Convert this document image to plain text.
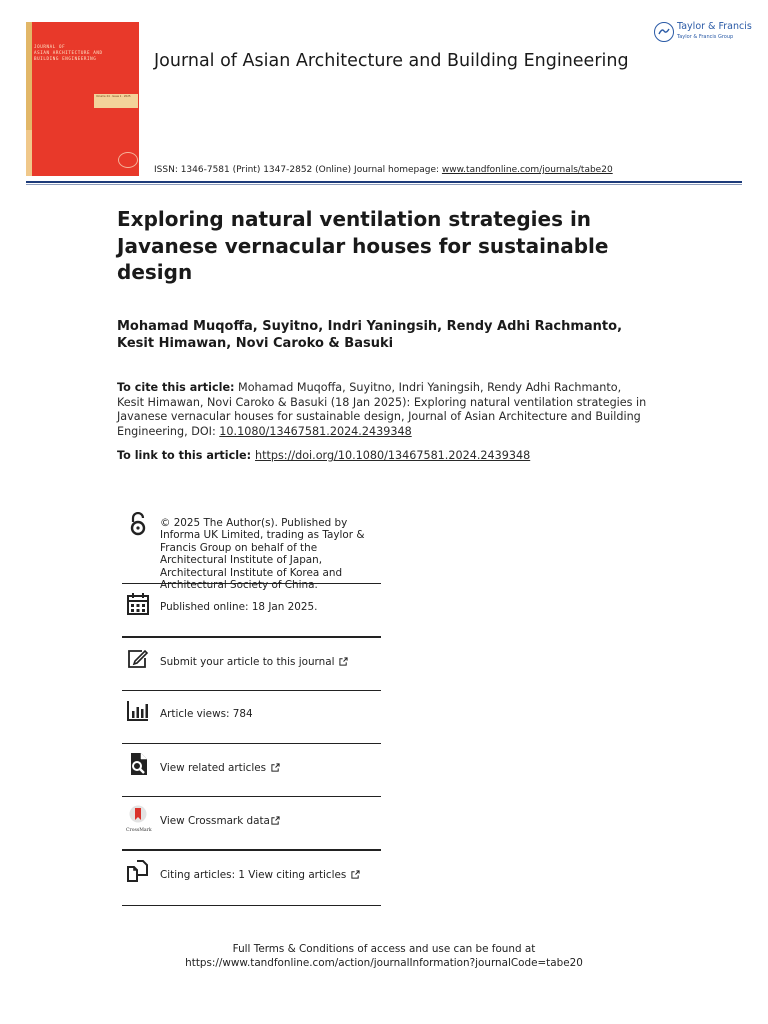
JOURNAL OF
ASIAN ARCHITECTURE AND
BUILDING ENGINEERING
Volume 24 · Issue 1 · 2025
Journal of Asian Architecture and Building Engineering
Taylor & Francis
Taylor & Francis Group
ISSN: 1346-7581 (Print) 1347-2852 (Online) Journal homepage: www.tandfonline.com/journals/tabe20
Exploring natural ventilation strategies in Javanese vernacular houses for sustainable design
Mohamad Muqoffa, Suyitno, Indri Yaningsih, Rendy Adhi Rachmanto, Kesit Himawan, Novi Caroko & Basuki
To cite this article: Mohamad Muqoffa, Suyitno, Indri Yaningsih, Rendy Adhi Rachmanto, Kesit Himawan, Novi Caroko & Basuki (18 Jan 2025): Exploring natural ventilation strategies in Javanese vernacular houses for sustainable design, Journal of Asian Architecture and Building Engineering, DOI: 10.1080/13467581.2024.2439348
To link to this article: https://doi.org/10.1080/13467581.2024.2439348
© 2025 The Author(s). Published by Informa UK Limited, trading as Taylor & Francis Group on behalf of the Architectural Institute of Japan, Architectural Institute of Korea and Architectural Society of China.
Published online: 18 Jan 2025.
Submit your article to this journal
Article views: 784
View related articles
CrossMark
View Crossmark data
Citing articles: 1 View citing articles
Full Terms & Conditions of access and use can be found at
https://www.tandfonline.com/action/journalInformation?journalCode=tabe20
